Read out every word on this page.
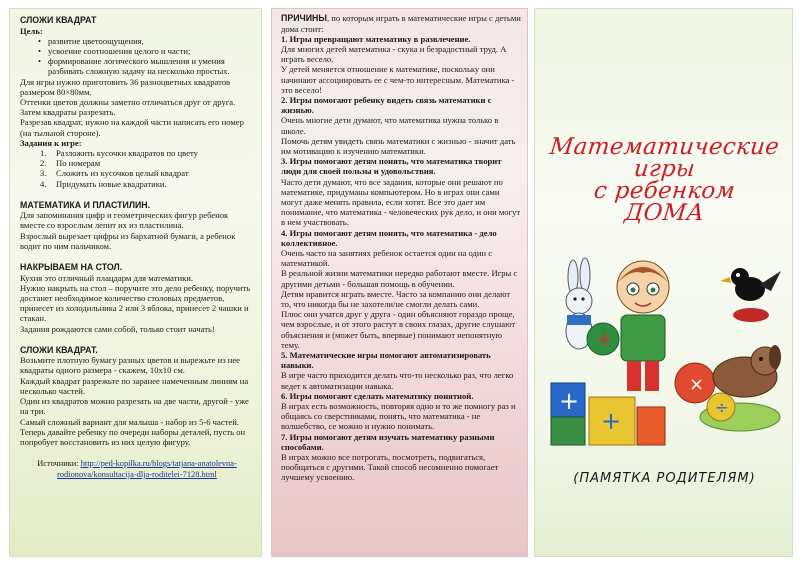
СЛОЖИ КВАДРАТ
Цель:
• развитие цветоощущения,
• усвоение соотношения целого и части;
• формирование логического мышления и умения разбивать сложную задачу на несколько простых.

Для игры нужно приготовить 36 разноцветных квадратов размером 80×80мм.

Оттенки цветов должны заметно отличаться друг от друга.

Затем квадраты разрезать.

Разрезав квадрат, нужно на каждой части написать его номер (на тыльной стороне).

Задания к игре:
1. Разложить кусочки квадратов по цвету
2. По номерам
3. Сложить из кусочков целый квадрат
4. Придумать новые квадратики.
МАТЕМАТИКА И ПЛАСТИЛИН.

Для запоминания цифр и геометрических фигур ребенок вместе со взрослым лепит их из пластилина.

Взрослый вырезает цифры из бархатной бумаги, а ребенок водит по ним пальчиком.

НАКРЫВАЕМ НА СТОЛ.

Кухня это отличный плацдарм для математики.

Нужно накрыть на стол – поручите это дело ребенку, поручить достанет необходимое количество столовых предметов, принесет из холодильника 2 или 3 яблока, принесет 2 чашки и стакан.

Задания рождаются сами собой, только стоит начать!

СЛОЖИ КВАДРАТ.

Возьмите плотную бумагу разных цветов и вырежьте из нее квадраты одного размера - скажем, 10x10 см.

Каждый квадрат разрежьте по заранее намеченным линиям на несколько частей.

Один из квадратов можно разрезать на две части, другой - уже на три.

Самый сложный вариант для малыша - набор из 5-6 частей.

Теперь давайте ребенку по очереди наборы деталей, пусть он попробует восстановить из них целую фигуру.

Источники: http://ped-kopilka.ru/blogs/tatjana-anatolevna-rodionova/konsultacija-dlja-roditelei-7128.html

ПРИЧИНЫ, по которым играть в математические игры с детьми дома стоит:

1. Игры превращают математику в развлечение.

Для многих детей математика - скука и безрадостный труд. А играть весело.

У детей меняется отношение к математике, поскольку они начинают ассоциировать ее с чем-то интересным. Математика - это весело!

2. Игры помогают ребенку видеть связь математики с жизнью.

Очень многие дети думают, что математика нужна только в школе.

Помочь детям увидеть связь математики с жизнью - значит дать им мотивацию к изучению математики.

3. Игры помогают детям понять, что математика творит люди для своей пользы и удовольствия.

Часто дети думают, что все задания, которые они решают по математике, придуманы компьютером. Но в играх они сами могут даже менять правила, если хотят. Все это дает им понимание, что математика - человеческих рук дело, и они могут в нем участвовать.

4. Игры помогают детям понять, что математика - дело коллективное.

Очень часто на занятиях ребенок остается один на один с математикой.

В реальной жизни математики нередко работают вместе. Игры с другими детьми - большая помощь в обучении.

Детям нравится играть вместе. Часто за компанию они делают то, что никогда бы не захотели/не смогли делать сами.

Плюс они учатся друг у друга - один объясняют гораздо проще, чем взрослые, и от этого растут в своих глазах, другие слушают объяснения и (может быть, впервые) понимают непонятную тему.

5. Математические игры помогают автоматизировать навыки.

В игре часто приходится делать что-то несколько раз, что легко ведет к автоматизации навыка.

6. Игры помогают сделать математику понятной.

В играх есть возможность, повторяя одно и то же помногу раз и общаясь со сверстниками, понять, что математика - не волшебство, се можно и нужно понимать.

7. Игры помогают детям изучать математику разными способами.

В играх можно все потрогать, посмотреть, подвигаться, пообщаться с другими. Такой способ несомненно помогает лучшему усвоению.

Математические
игры
с ребенком
ДОМА
+
+
+
×
÷
(ПАМЯТКА РОДИТЕЛЯМ)
